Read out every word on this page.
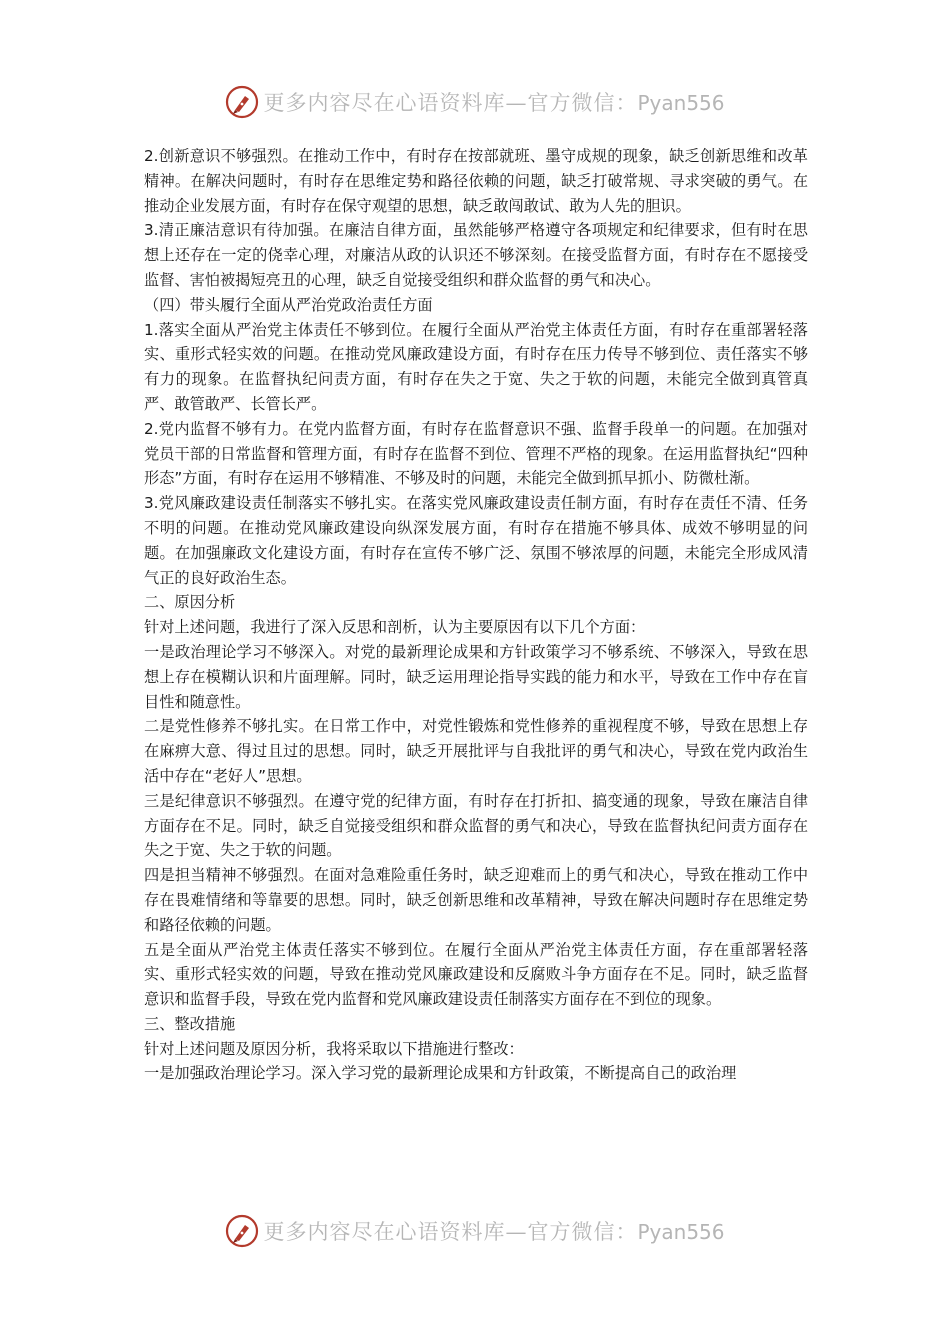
更多内容尽在心语资料库—官方微信：Pyan556

2.创新意识不够强烈。在推动工作中，有时存在按部就班、墨守成规的现象，缺乏创新思维和改革精神。在解决问题时，有时存在思维定势和路径依赖的问题，缺乏打破常规、寻求突破的勇气。在推动企业发展方面，有时存在保守观望的思想，缺乏敢闯敢试、敢为人先的胆识。

3.清正廉洁意识有待加强。在廉洁自律方面，虽然能够严格遵守各项规定和纪律要求，但有时在思想上还存在一定的侥幸心理，对廉洁从政的认识还不够深刻。在接受监督方面，有时存在不愿接受监督、害怕被揭短亮丑的心理，缺乏自觉接受组织和群众监督的勇气和决心。

（四）带头履行全面从严治党政治责任方面

1.落实全面从严治党主体责任不够到位。在履行全面从严治党主体责任方面，有时存在重部署轻落实、重形式轻实效的问题。在推动党风廉政建设方面，有时存在压力传导不够到位、责任落实不够有力的现象。在监督执纪问责方面，有时存在失之于宽、失之于软的问题，未能完全做到真管真严、敢管敢严、长管长严。

2.党内监督不够有力。在党内监督方面，有时存在监督意识不强、监督手段单一的问题。在加强对党员干部的日常监督和管理方面，有时存在监督不到位、管理不严格的现象。在运用监督执纪“四种形态”方面，有时存在运用不够精准、不够及时的问题，未能完全做到抓早抓小、防微杜渐。

3.党风廉政建设责任制落实不够扎实。在落实党风廉政建设责任制方面，有时存在责任不清、任务不明的问题。在推动党风廉政建设向纵深发展方面，有时存在措施不够具体、成效不够明显的问题。在加强廉政文化建设方面，有时存在宣传不够广泛、氛围不够浓厚的问题，未能完全形成风清气正的良好政治生态。

二、原因分析

针对上述问题，我进行了深入反思和剖析，认为主要原因有以下几个方面：

一是政治理论学习不够深入。对党的最新理论成果和方针政策学习不够系统、不够深入，导致在思想上存在模糊认识和片面理解。同时，缺乏运用理论指导实践的能力和水平，导致在工作中存在盲目性和随意性。

二是党性修养不够扎实。在日常工作中，对党性锻炼和党性修养的重视程度不够，导致在思想上存在麻痹大意、得过且过的思想。同时，缺乏开展批评与自我批评的勇气和决心，导致在党内政治生活中存在“老好人”思想。

三是纪律意识不够强烈。在遵守党的纪律方面，有时存在打折扣、搞变通的现象，导致在廉洁自律方面存在不足。同时，缺乏自觉接受组织和群众监督的勇气和决心，导致在监督执纪问责方面存在失之于宽、失之于软的问题。

四是担当精神不够强烈。在面对急难险重任务时，缺乏迎难而上的勇气和决心，导致在推动工作中存在畏难情绪和等靠要的思想。同时，缺乏创新思维和改革精神，导致在解决问题时存在思维定势和路径依赖的问题。

五是全面从严治党主体责任落实不够到位。在履行全面从严治党主体责任方面，存在重部署轻落实、重形式轻实效的问题，导致在推动党风廉政建设和反腐败斗争方面存在不足。同时，缺乏监督意识和监督手段，导致在党内监督和党风廉政建设责任制落实方面存在不到位的现象。

三、整改措施

针对上述问题及原因分析，我将采取以下措施进行整改：

一是加强政治理论学习。深入学习党的最新理论成果和方针政策，不断提高自己的政治理

更多内容尽在心语资料库—官方微信：Pyan556
